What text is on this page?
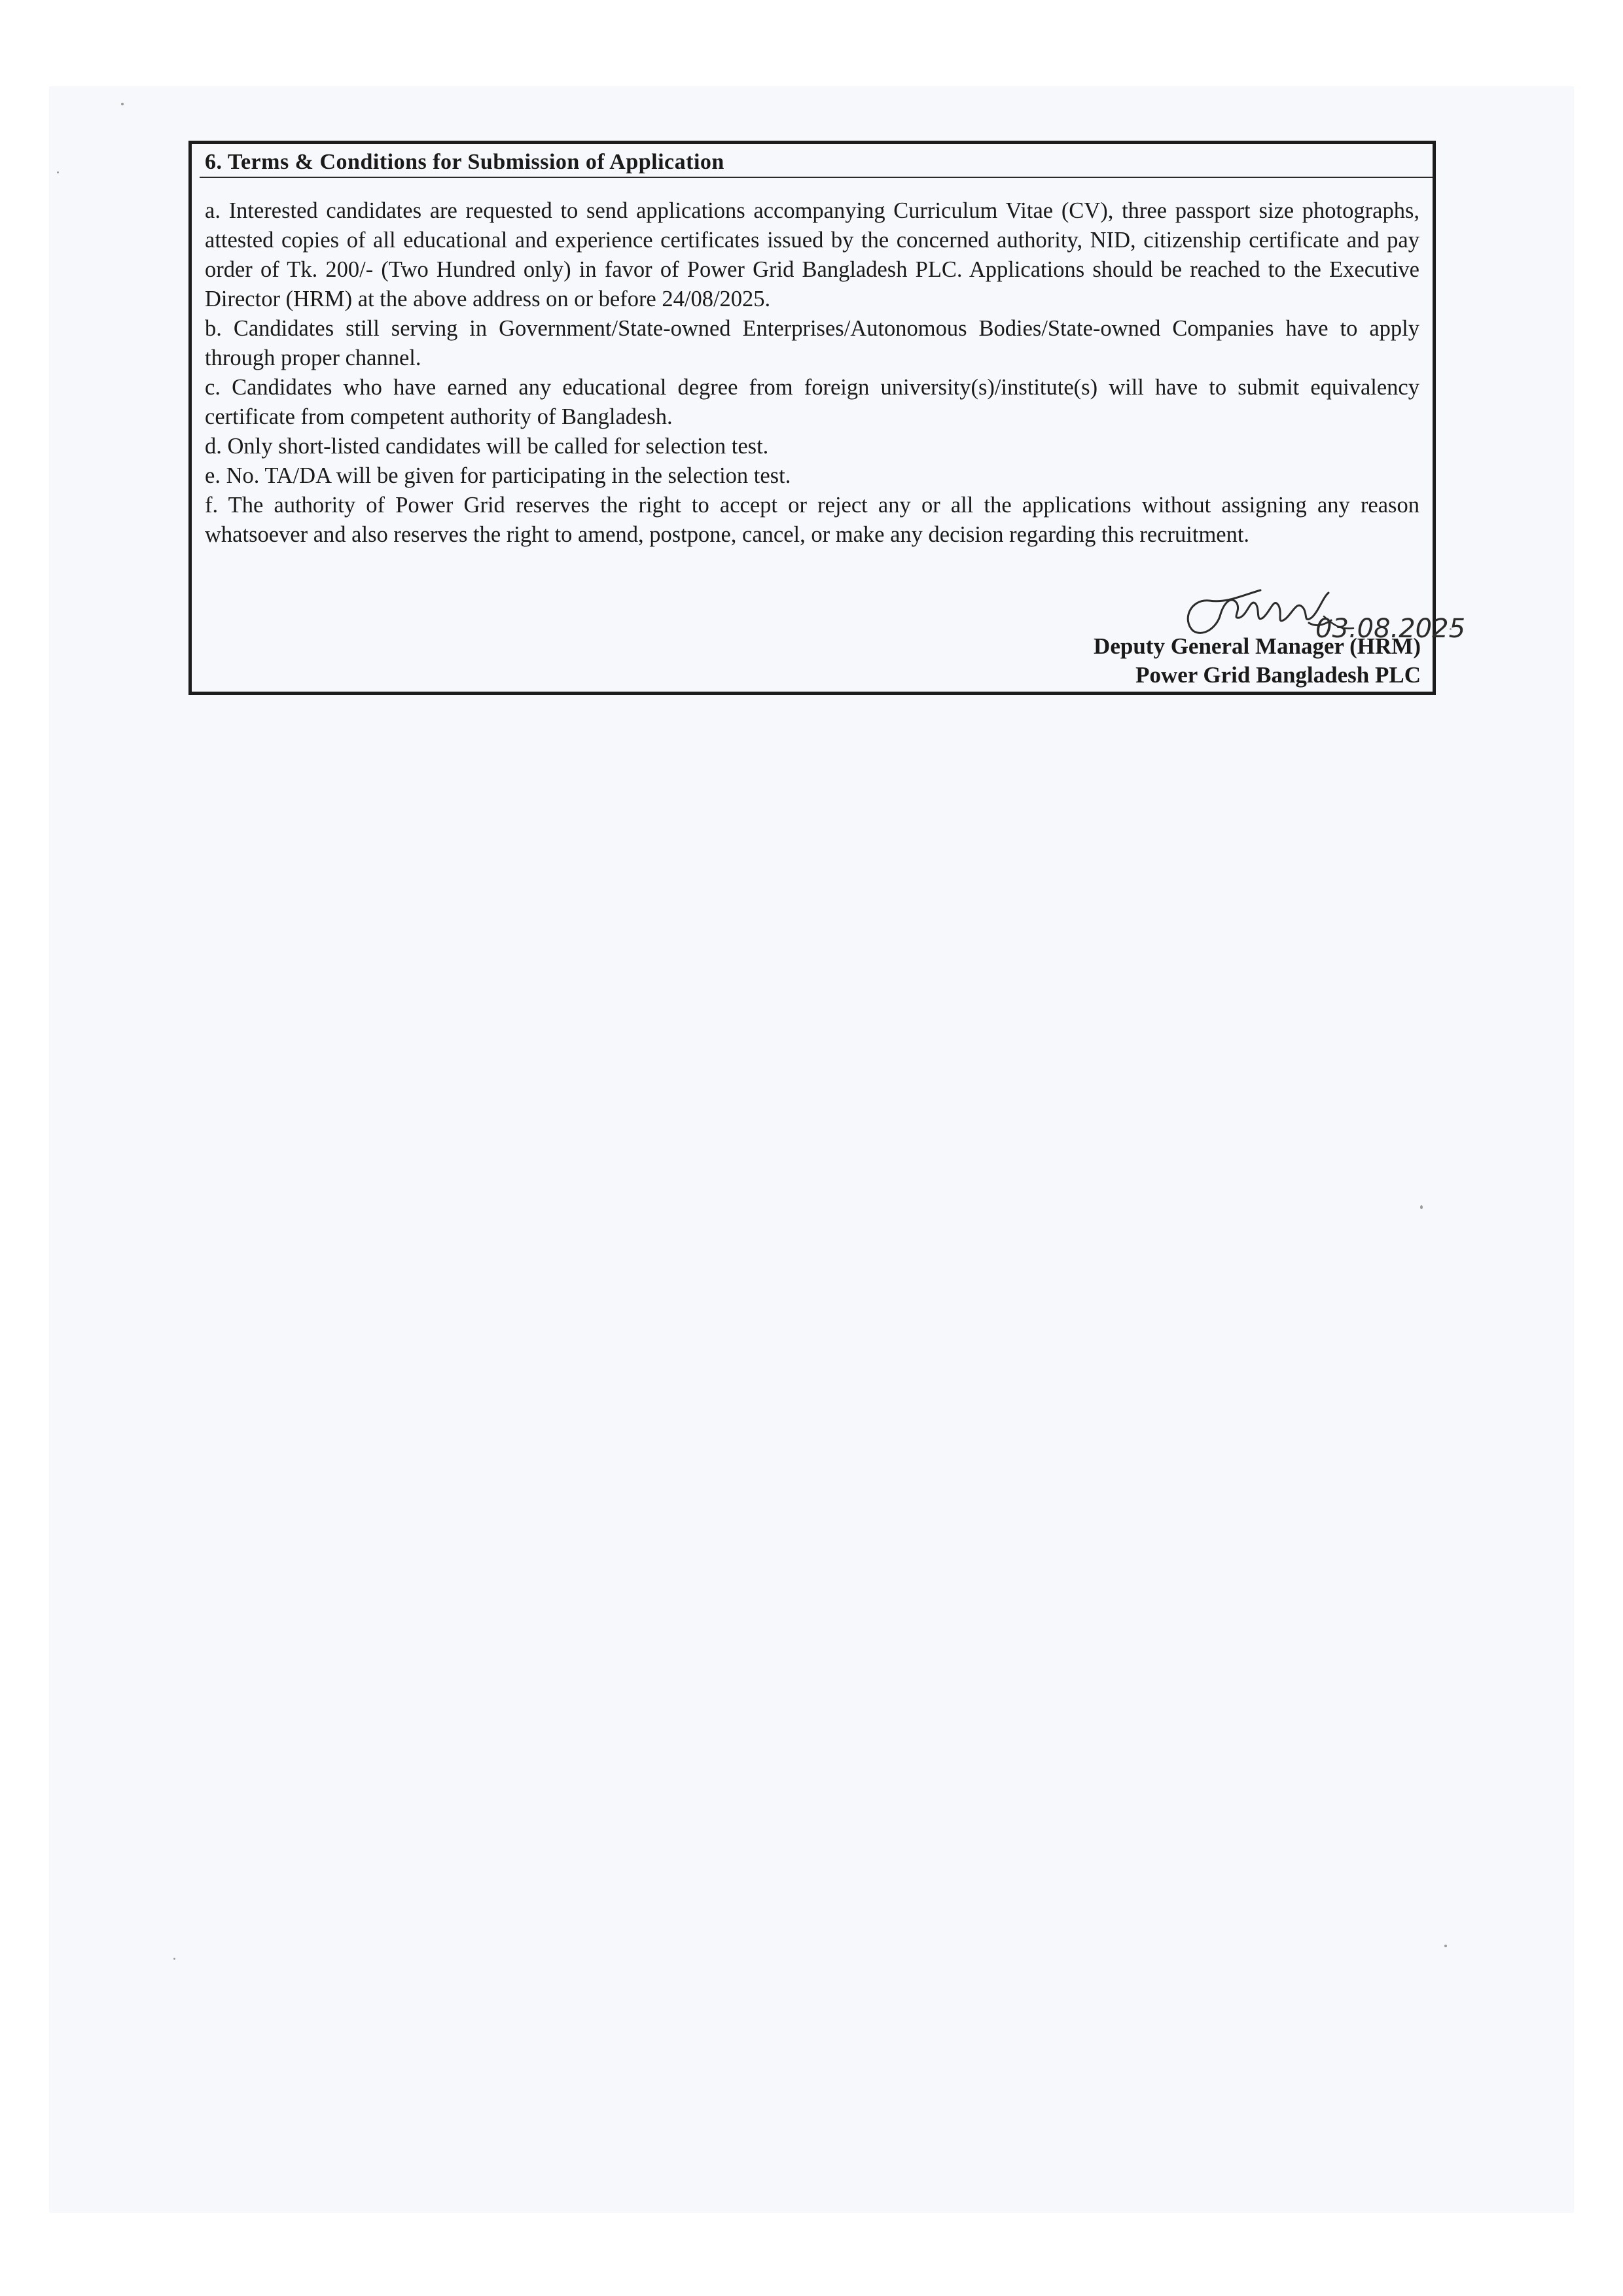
6. Terms & Conditions for Submission of Application

a. Interested candidates are requested to send applications accompanying Curriculum Vitae (CV), three passport size photographs, attested copies of all educational and experience certificates issued by the concerned authority, NID, citizenship certificate and pay order of Tk. 200/- (Two Hundred only) in favor of Power Grid Bangladesh PLC. Applications should be reached to the Executive Director (HRM) at the above address on or before 24/08/2025.

b. Candidates still serving in Government/State-owned Enterprises/Autonomous Bodies/State-owned Companies have to apply through proper channel.

c. Candidates who have earned any educational degree from foreign university(s)/institute(s) will have to submit equivalency certificate from competent authority of Bangladesh.

d. Only short-listed candidates will be called for selection test.

e. No. TA/DA will be given for participating in the selection test.

f. The authority of Power Grid reserves the right to accept or reject any or all the applications without assigning any reason whatsoever and also reserves the right to amend, postpone, cancel, or make any decision regarding this recruitment.

03.08.2025
Deputy General Manager (HRM)
Power Grid Bangladesh PLC
